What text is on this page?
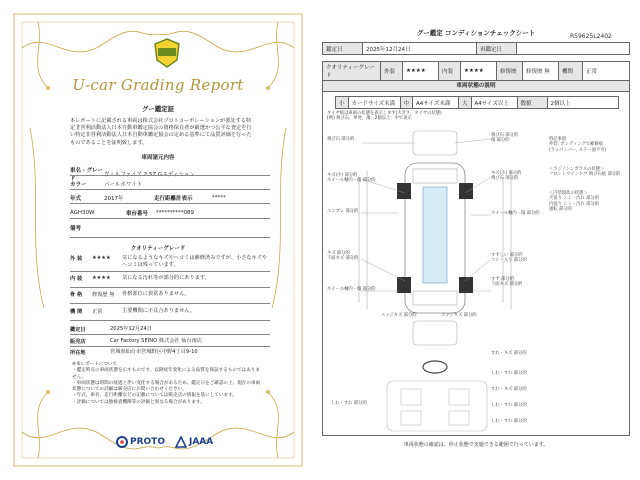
U-car Grading Report
グー鑑定証
本レポートに記載される車両は株式会社プロトコーポレーションが委託する特定非営利活動法人日本自動車鑑定協会の資格保有者が厳選かつ公平な査定を行い特定非営利活動法人日本自動車鑑定協会の定める基準にて品質評価を行ったものであることを証明致します。
車両諸元内容
車名・グレード
ヴェルファイア 2.5Z Gエディション
カラー	パールホワイト
年式	2017年	走行距離計表示	*****
AGH30W	車台番号	**********089
備考
クオリティーグレード
外 装	★★★★	気になるようなキズやヘコミは補修済みですが、小さなキズやヘコミは残っています。
内 装	★★★★	気になる汚れ等が部分的にあります。
骨 格	修復歴 無	骨格部位に異常ありません。
機 関	正常	主要機関に不具合ありません。
鑑定日	2025年12月24日
販売店	Car Factory SEINO 株式会社 仙台南店
所在地	宮城県仙台市宮城野区中野4丁目9-10
※本レポートについて
・鑑定時点の車両状態を示すものです。以降経年変化による品質を保証するものではありません。
・車両状態は時間の経過と伴い変化する場合があるため、鑑定日をご確認の上、現在の車両状態についての詳細は販売店にお問い合わせください。
・年式、車名、走行距離などの記載については販売店の情報を基にしています。
・評価については独検査機関等の評価と異なる場合があります。
PROTO	JAAA
グー鑑定 コンディションチェックシート	R59625L2402
鑑定日	2025年12月24日	再鑑定日	
クオリティーグレード	外装	★★★★	内装	★★★★	修復歴	修復歴 無	機関	正常
車両状態の説明
小	カードサイズ未満	中	A4サイズ未満	大	A4サイズ以上	数値	2個以上
タイヤ痕は車両の状態を表示します(大きさ、タイヤの状態)
[例] 飛び石：単発、傷：2個以上：中で表示
飛び石 部分的
キズ(小) 部分的
ホイール軸内・傷 部分的
エンブレ 部分的
キズ 部分的
下面キズ 部分的
ホイール軸内・傷 部分的
エッジキズ 部分的
飛び石 部分的
傷 部分的
キズ(小) 部分的
飛び石 部分的
ホイール軸内・傷 部分的
すずしい 部分的
コシ・入り 部分的
すず 部分的
下面キズ 部分的
エッジキズ 部分的
特記事項
外装: ボンディングで補修痕
(ラッパンパー, ステー面不可)
＜ラジノシンガラスの状態＞
フロントウインドウ 飛び石痕 部分的
＜内装現状の状態＞
天張り シミ・汚れ 部分的
内張り シミ・汚れ 部分的
運転 部分的
すれ・キズ 部分的
しわ・すれ 部分的
すれ・キズ 部分的
しわ・すれ 部分的
しわ・すれ 部分的
しわ・すれ 部分的
車両状態の確認は、停止状態で実施できる範囲で行っています。
